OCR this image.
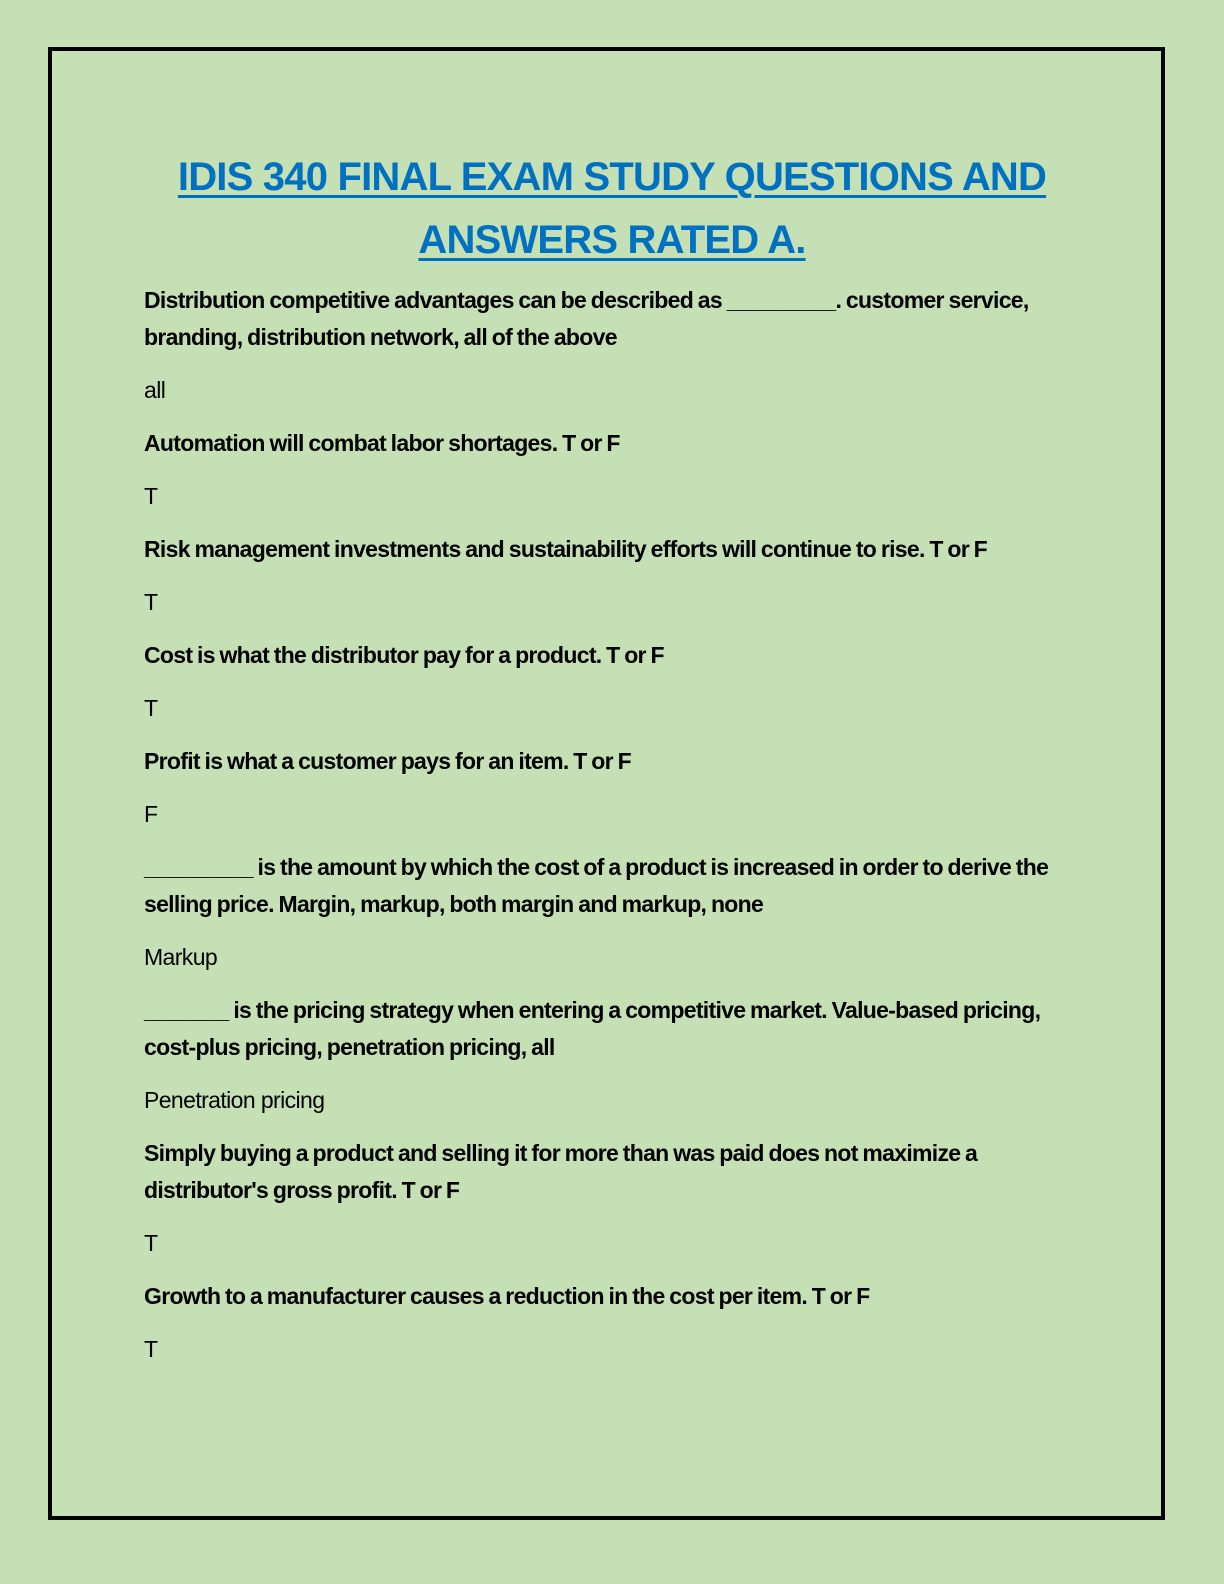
IDIS 340 FINAL EXAM STUDY QUESTIONS AND
ANSWERS RATED A.

Distribution competitive advantages can be described as _________. customer service, branding, distribution network, all of the above

all

Automation will combat labor shortages. T or F

T

Risk management investments and sustainability efforts will continue to rise. T or F

T

Cost is what the distributor pay for a product. T or F

T

Profit is what a customer pays for an item. T or F

F

_________ is the amount by which the cost of a product is increased in order to derive the selling price. Margin, markup, both margin and markup, none

Markup

_______ is the pricing strategy when entering a competitive market. Value-based pricing, cost-plus pricing, penetration pricing, all

Penetration pricing

Simply buying a product and selling it for more than was paid does not maximize a distributor's gross profit. T or F

T

Growth to a manufacturer causes a reduction in the cost per item. T or F

T
